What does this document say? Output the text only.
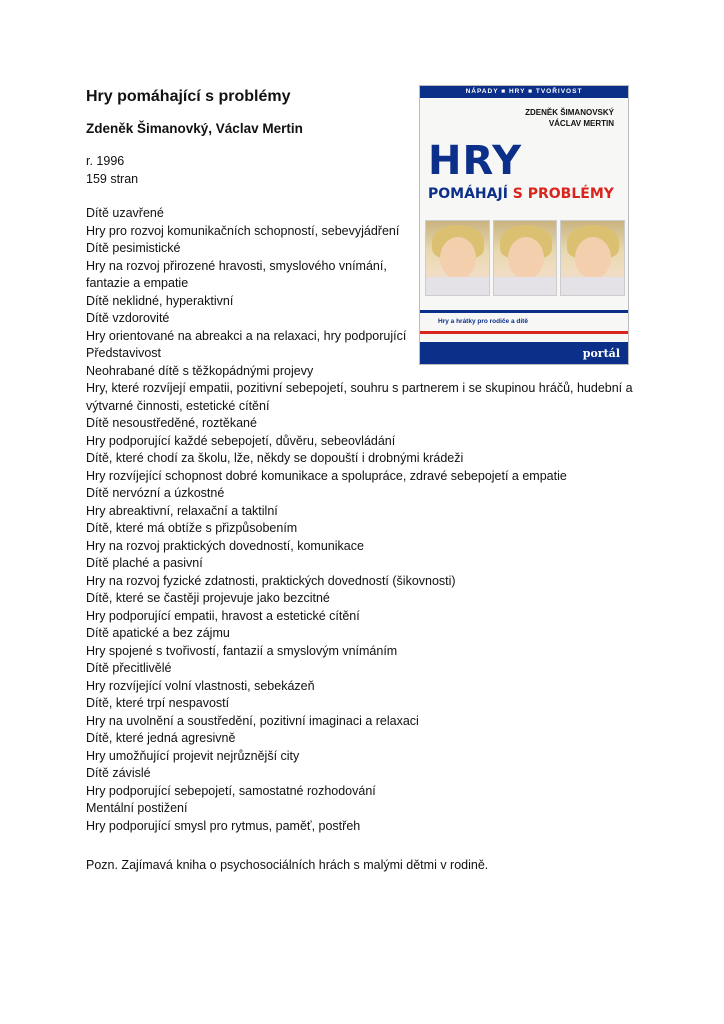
Hry pomáhající s problémy
Zdeněk Šimanovký, Václav Mertin
r. 1996
159 stran
Dítě uzavřené
Hry pro rozvoj komunikačních schopností, sebevyjádření
Dítě pesimistické
Hry na rozvoj přirozené hravosti, smyslového vnímání,
fantazie a empatie
Dítě neklidné, hyperaktivní
Dítě vzdorovité
Hry orientované na abreakci a na relaxaci, hry podporující
Představivost
Neohrabané dítě s těžkopádnými projevy
Hry, které rozvíjejí empatii, pozitivní sebepojetí, souhru s partnerem i se skupinou hráčů, hudební a
výtvarné činnosti, estetické cítění
Dítě nesoustředěné, roztěkané
Hry podporující každé sebepojetí, důvěru, sebeovládání
Dítě, které chodí za školu, lže, někdy se dopouští i drobnými krádeži
Hry rozvíjející schopnost dobré komunikace a spolupráce, zdravé sebepojetí a empatie
Dítě nervózní a úzkostné
Hry abreaktivní, relaxační a taktilní
Dítě, které má obtíže s přizpůsobením
Hry na rozvoj praktických dovedností, komunikace
Dítě plaché a pasivní
Hry na rozvoj fyzické zdatnosti, praktických dovedností (šikovnosti)
Dítě, které se častěji projevuje jako bezcitné
Hry podporující empatii, hravost a estetické cítění
Dítě apatické a bez zájmu
Hry spojené s tvořivostí, fantazií a smyslovým vnímáním
Dítě přecitlivělé
Hry rozvíjející volní vlastnosti, sebekázeň
Dítě, které trpí nespavostí
Hry na uvolnění a soustředění, pozitivní imaginaci a relaxaci
Dítě, které jedná agresivně
Hry umožňující projevit nejrůznější city
Dítě závislé
Hry podporující sebepojetí, samostatné rozhodování
Mentální postižení
Hry podporující smysl pro rytmus, paměť, postřeh
Pozn. Zajímavá kniha o psychosociálních hrách s malými dětmi v rodině.
NÁPADY ■ HRY ■ TVOŘIVOST
ZDENĚK ŠIMANOVSKÝ
VÁCLAV MERTIN
HRY
POMÁHAJÍ S PROBLÉMY
Hry a hrátky pro rodiče a dítě
portál
